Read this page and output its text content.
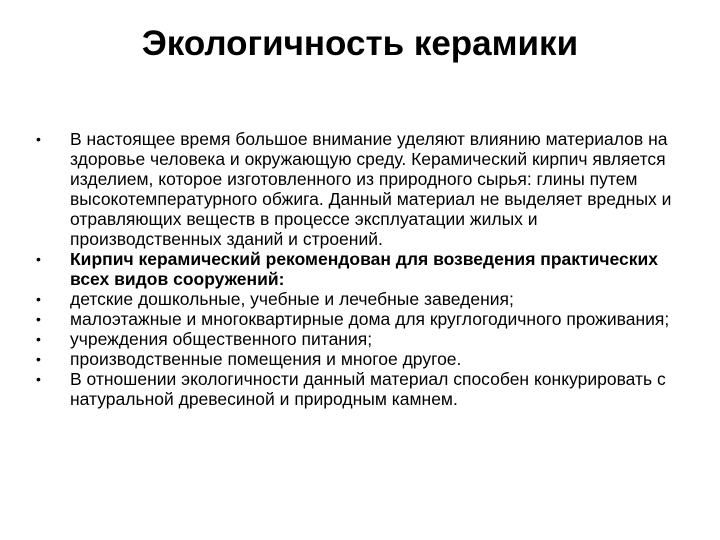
Экологичность керамики
•	В настоящее время большое внимание уделяют влиянию материалов на здоровье человека и окружающую среду. Керамический кирпич является изделием, которое изготовленного из природного сырья: глины путем высокотемпературного обжига. Данный материал не выделяет вредных и отравляющих веществ в процессе эксплуатации жилых и производственных зданий и строений.
•	Кирпич керамический рекомендован для возведения практических всех видов сооружений:
•	детские дошкольные, учебные и лечебные заведения;
•	малоэтажные и многоквартирные дома для круглогодичного проживания;
•	учреждения общественного питания;
•	производственные помещения и многое другое.
•	В отношении экологичности данный материал способен конкурировать с натуральной древесиной и природным камнем.
